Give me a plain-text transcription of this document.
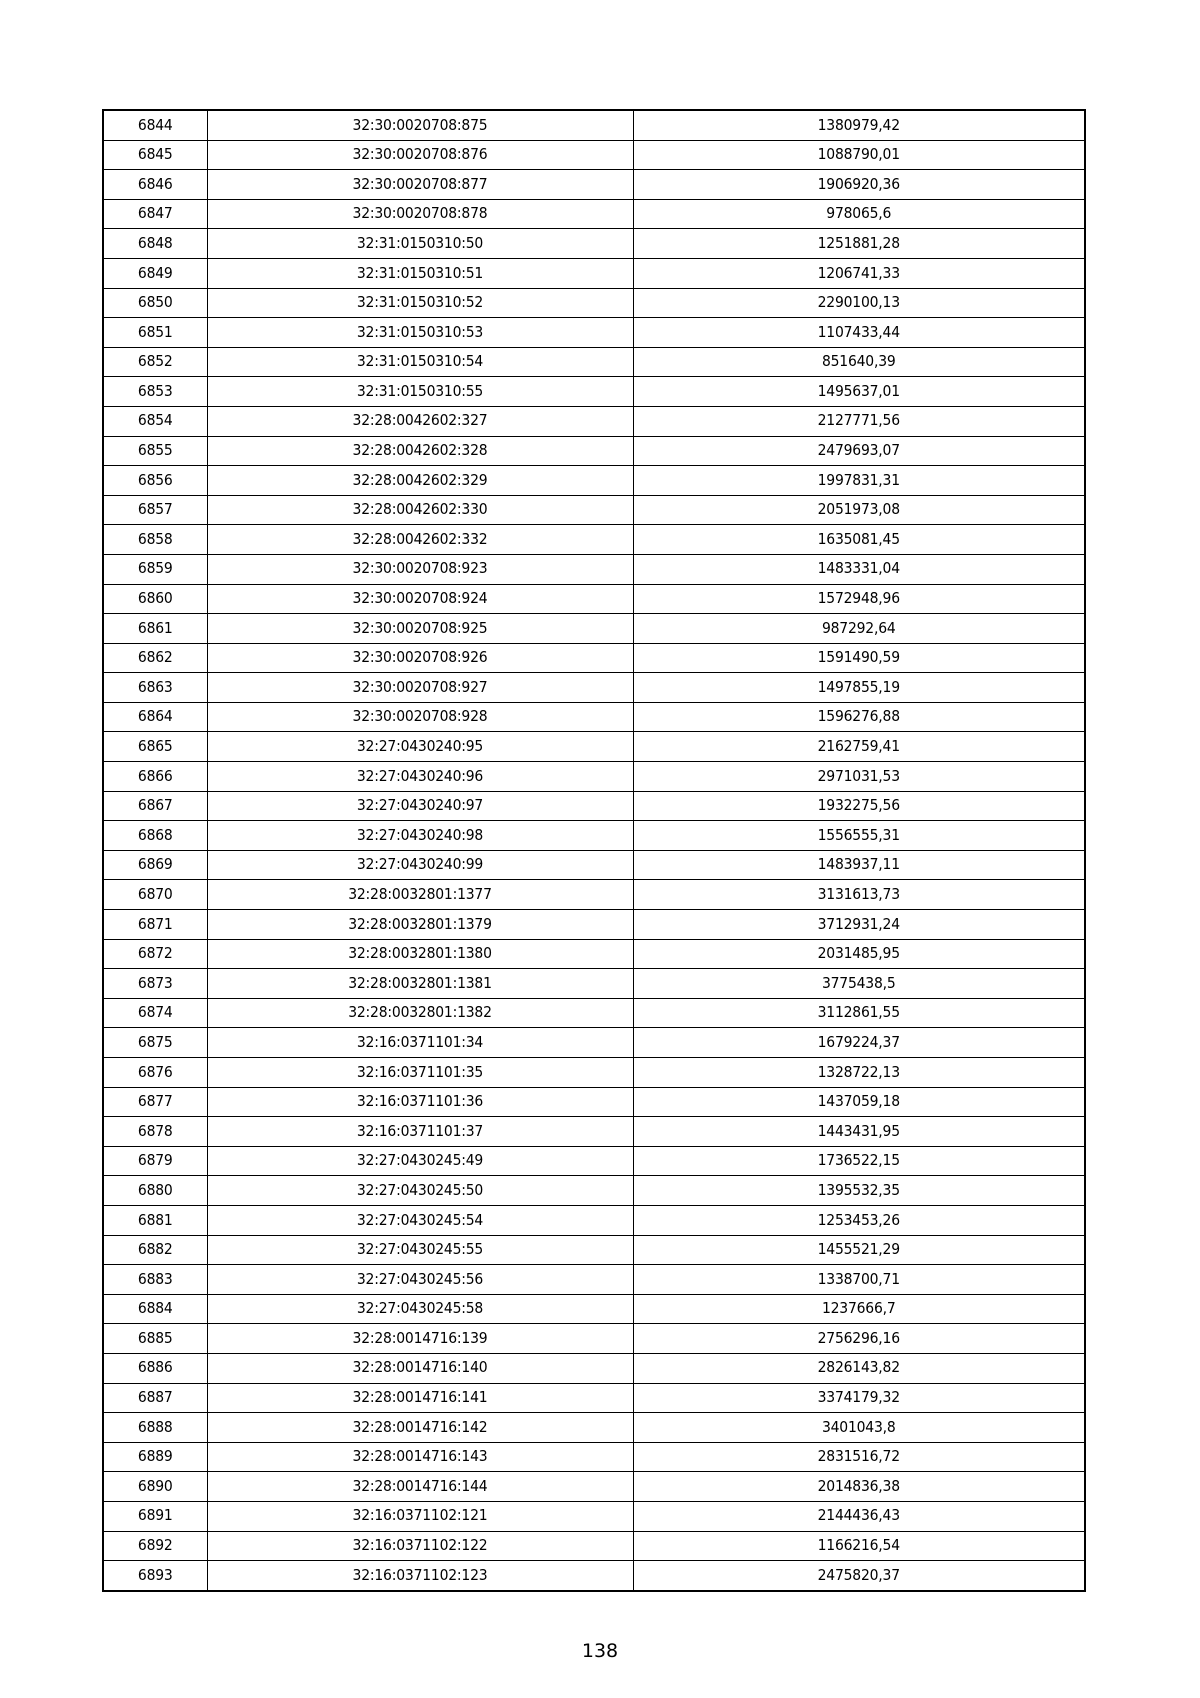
6844	32:30:0020708:875	1380979,42
6845	32:30:0020708:876	1088790,01
6846	32:30:0020708:877	1906920,36
6847	32:30:0020708:878	978065,6
6848	32:31:0150310:50	1251881,28
6849	32:31:0150310:51	1206741,33
6850	32:31:0150310:52	2290100,13
6851	32:31:0150310:53	1107433,44
6852	32:31:0150310:54	851640,39
6853	32:31:0150310:55	1495637,01
6854	32:28:0042602:327	2127771,56
6855	32:28:0042602:328	2479693,07
6856	32:28:0042602:329	1997831,31
6857	32:28:0042602:330	2051973,08
6858	32:28:0042602:332	1635081,45
6859	32:30:0020708:923	1483331,04
6860	32:30:0020708:924	1572948,96
6861	32:30:0020708:925	987292,64
6862	32:30:0020708:926	1591490,59
6863	32:30:0020708:927	1497855,19
6864	32:30:0020708:928	1596276,88
6865	32:27:0430240:95	2162759,41
6866	32:27:0430240:96	2971031,53
6867	32:27:0430240:97	1932275,56
6868	32:27:0430240:98	1556555,31
6869	32:27:0430240:99	1483937,11
6870	32:28:0032801:1377	3131613,73
6871	32:28:0032801:1379	3712931,24
6872	32:28:0032801:1380	2031485,95
6873	32:28:0032801:1381	3775438,5
6874	32:28:0032801:1382	3112861,55
6875	32:16:0371101:34	1679224,37
6876	32:16:0371101:35	1328722,13
6877	32:16:0371101:36	1437059,18
6878	32:16:0371101:37	1443431,95
6879	32:27:0430245:49	1736522,15
6880	32:27:0430245:50	1395532,35
6881	32:27:0430245:54	1253453,26
6882	32:27:0430245:55	1455521,29
6883	32:27:0430245:56	1338700,71
6884	32:27:0430245:58	1237666,7
6885	32:28:0014716:139	2756296,16
6886	32:28:0014716:140	2826143,82
6887	32:28:0014716:141	3374179,32
6888	32:28:0014716:142	3401043,8
6889	32:28:0014716:143	2831516,72
6890	32:28:0014716:144	2014836,38
6891	32:16:0371102:121	2144436,43
6892	32:16:0371102:122	1166216,54
6893	32:16:0371102:123	2475820,37
138
